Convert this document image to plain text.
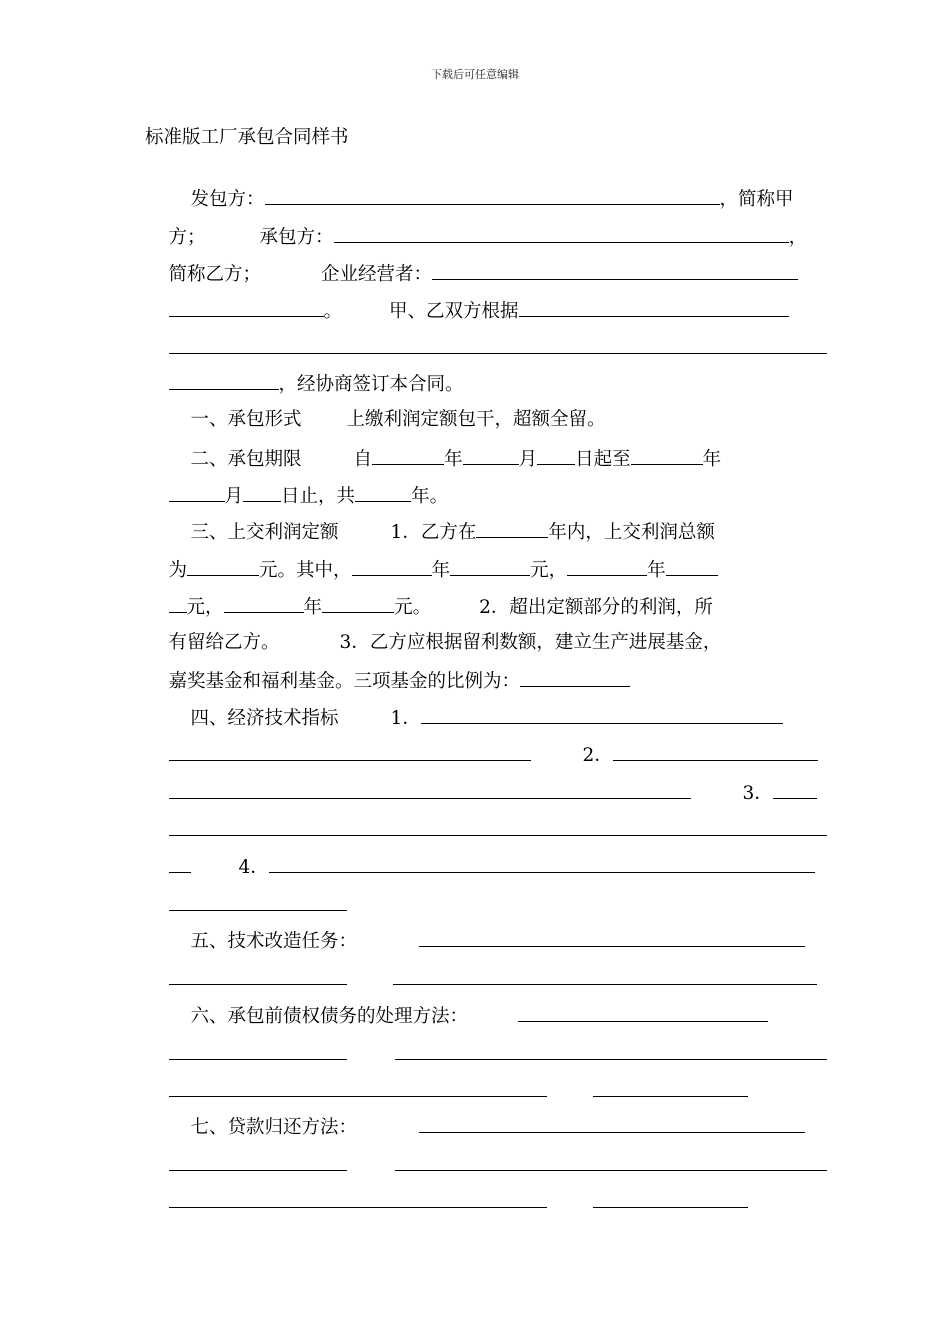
下载后可任意编辑
标准版工厂承包合同样书

发包方：	，简称甲

方；	承包方：	，

简称乙方；	企业经营者：

。	甲、乙双方根据

，经协商签订本合同。

一、承包形式 上缴利润定额包干，超额全留。

二、承包期限	自	年	月 日起至	年

月 日止，共	年。

三、上交利润定额	1．乙方在	年内，上交利润总额

为	元。其中，	年	元，	年

元，	年	元。	2．超出定额部分的利润，所

有留给乙方。	3．乙方应根据留利数额，建立生产进展基金，

嘉奖基金和福利基金。三项基金的比例为：

四、经济技术指标	1．

2．

3．

4．

五、技术改造任务：

六、承包前债权债务的处理方法：

七、贷款归还方法：
